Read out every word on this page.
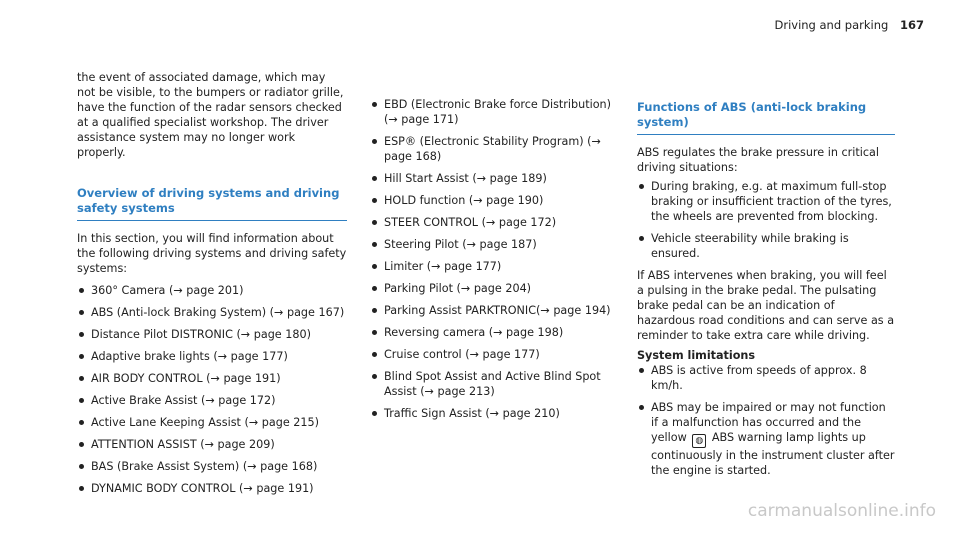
Driving and parking 167

the event of associated damage, which may not be visible, to the bumpers or radiator grille, have the function of the radar sensors checked at a qualified specialist workshop. The driver assistance system may no longer work properly.

Overview of driving systems and driving safety systems

In this section, you will find information about the following driving systems and driving safety systems:

360° Camera (→ page 201)
ABS (Anti-lock Braking System) (→ page 167)
Distance Pilot DISTRONIC (→ page 180)
Adaptive brake lights (→ page 177)
AIR BODY CONTROL (→ page 191)
Active Brake Assist (→ page 172)
Active Lane Keeping Assist (→ page 215)
ATTENTION ASSIST (→ page 209)
BAS (Brake Assist System) (→ page 168)
DYNAMIC BODY CONTROL (→ page 191)
EBD (Electronic Brake force Distribution) (→ page 171)
ESP® (Electronic Stability Program) (→ page 168)
Hill Start Assist (→ page 189)
HOLD function (→ page 190)
STEER CONTROL (→ page 172)
Steering Pilot (→ page 187)
Limiter (→ page 177)
Parking Pilot (→ page 204)
Parking Assist PARKTRONIC(→ page 194)
Reversing camera (→ page 198)
Cruise control (→ page 177)
Blind Spot Assist and Active Blind Spot Assist (→ page 213)
Traffic Sign Assist (→ page 210)
Functions of ABS (anti-lock braking system)

ABS regulates the brake pressure in critical driving situations:

During braking, e.g. at maximum full-stop braking or insufficient traction of the tyres, the wheels are prevented from blocking.
Vehicle steerability while braking is ensured.

If ABS intervenes when braking, you will feel a pulsing in the brake pedal. The pulsating brake pedal can be an indication of hazardous road conditions and can serve as a reminder to take extra care while driving.

System limitations

ABS is active from speeds of approx. 8 km/h.
ABS may be impaired or may not function if a malfunction has occurred and the yellow ◍ ABS warning lamp lights up continuously in the instrument cluster after the engine is started.
carmanualsonline.info
